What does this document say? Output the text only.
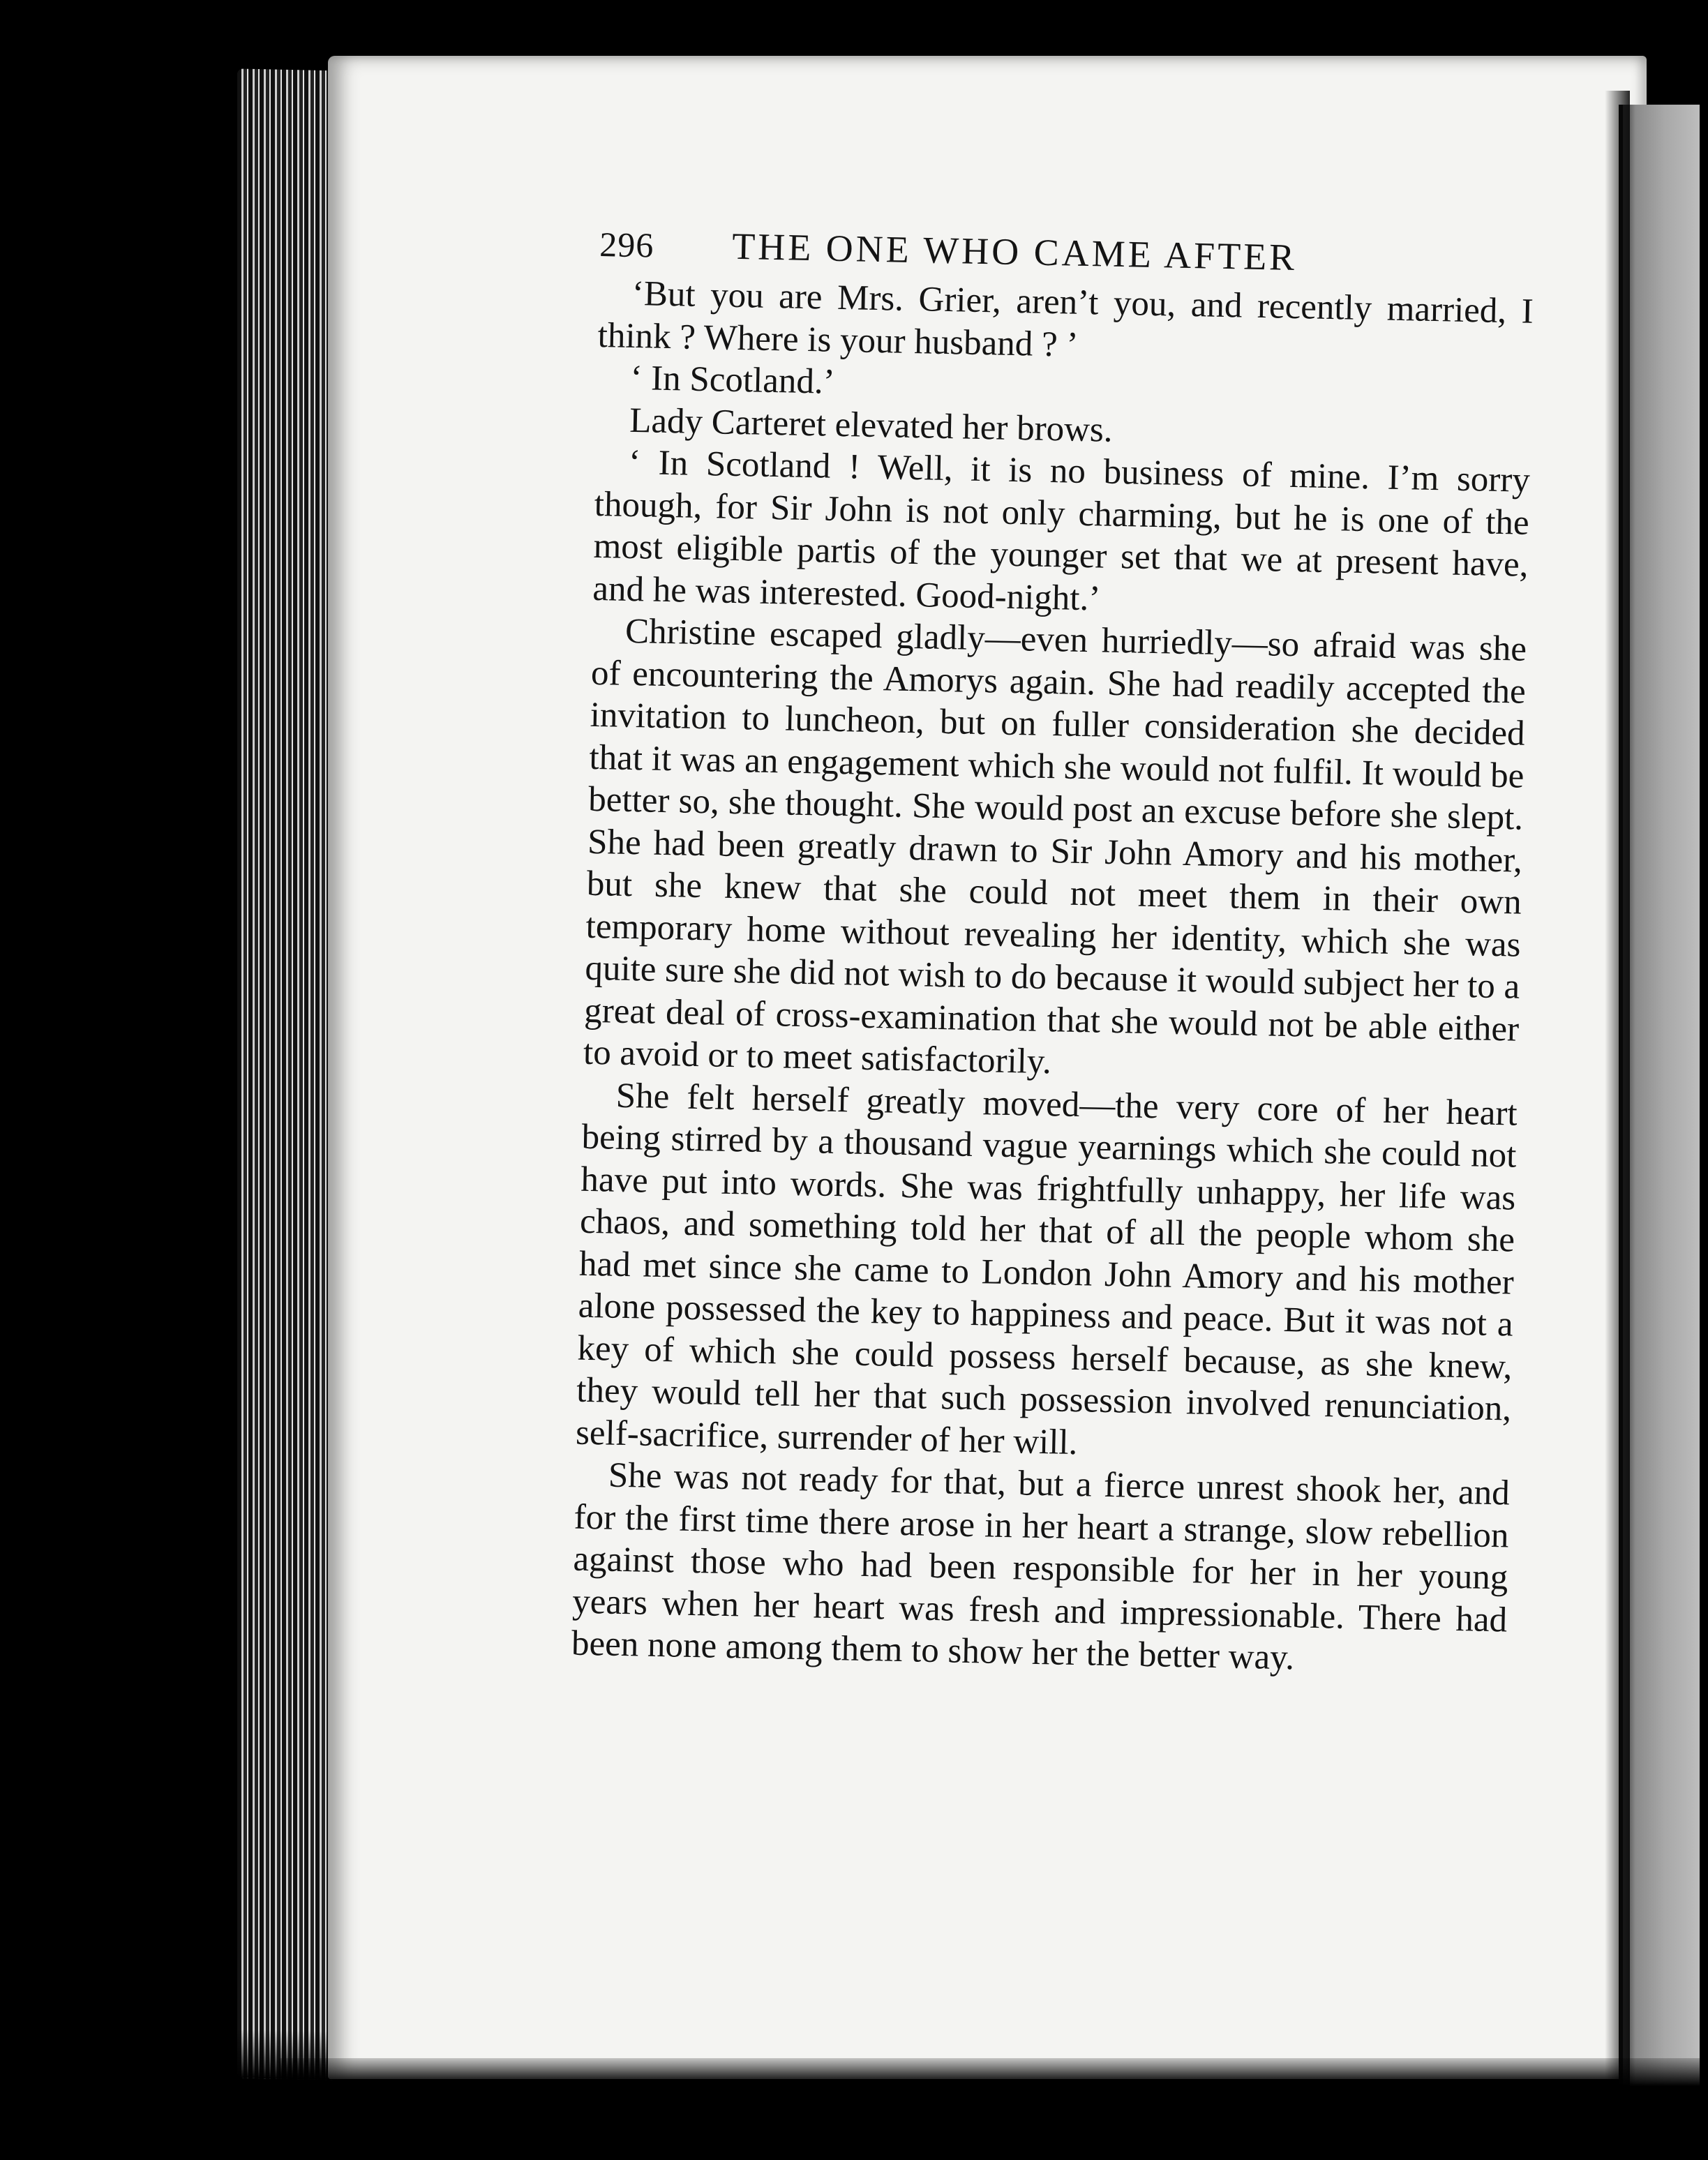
296	THE ONE WHO CAME AFTER

‘But you are Mrs. Grier, aren’t you, and recently married, I think ? Where is your husband ? ’

‘ In Scotland.’

Lady Carteret elevated her brows.

‘ In Scotland ! Well, it is no business of mine. I’m sorry though, for Sir John is not only charming, but he is one of the most eligible partis of the younger set that we at present have, and he was interested. Good-night.’

Christine escaped gladly—even hurriedly—so afraid was she of encountering the Amorys again. She had readily accepted the invitation to luncheon, but on fuller consideration she decided that it was an engagement which she would not fulfil. It would be better so, she thought. She would post an excuse before she slept. She had been greatly drawn to Sir John Amory and his mother, but she knew that she could not meet them in their own temporary home without revealing her identity, which she was quite sure she did not wish to do because it would subject her to a great deal of cross-examination that she would not be able either to avoid or to meet satisfactorily.

She felt herself greatly moved—the very core of her heart being stirred by a thousand vague yearnings which she could not have put into words. She was frightfully unhappy, her life was chaos, and something told her that of all the people whom she had met since she came to London John Amory and his mother alone possessed the key to happiness and peace. But it was not a key of which she could possess herself because, as she knew, they would tell her that such possession involved renunciation, self-sacrifice, surrender of her will.

She was not ready for that, but a fierce unrest shook her, and for the first time there arose in her heart a strange, slow rebellion against those who had been responsible for her in her young years when her heart was fresh and impressionable. There had been none among them to show her the better way.
